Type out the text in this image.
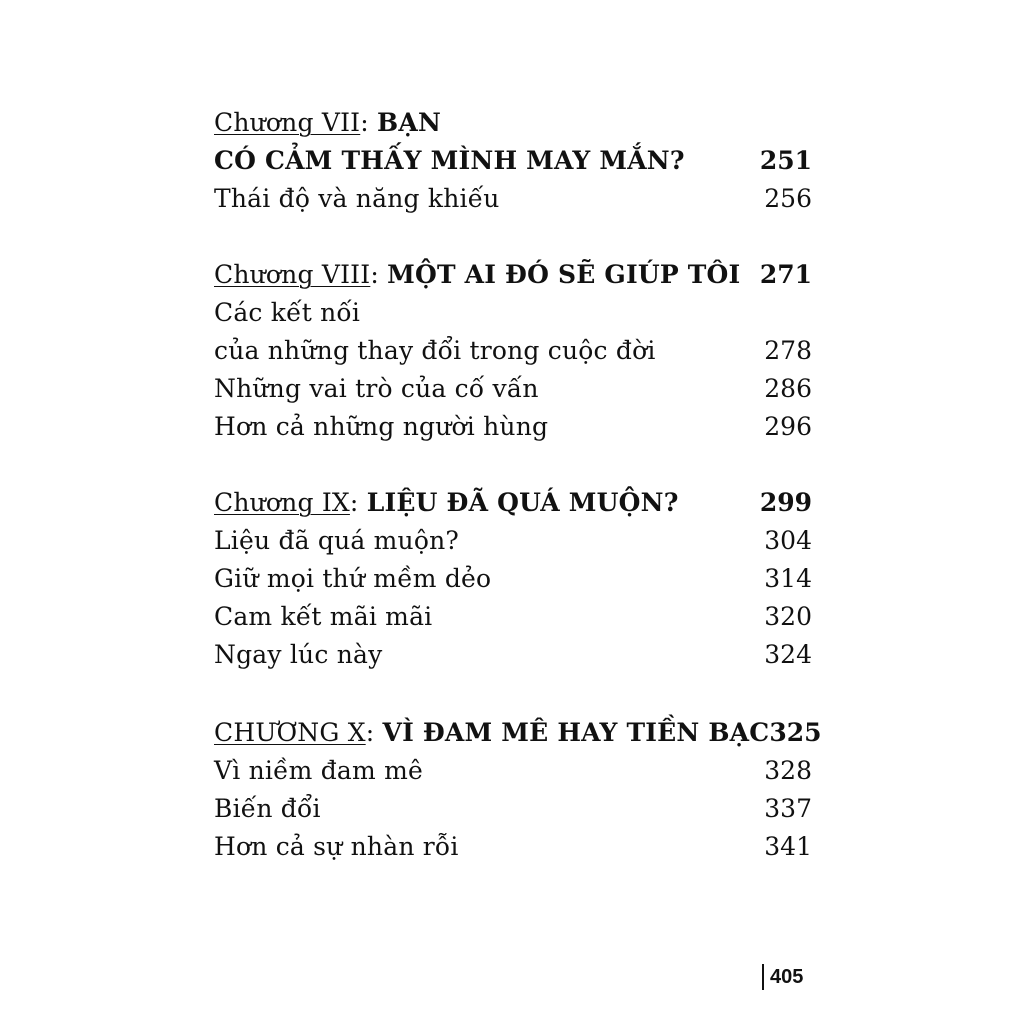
Chương VII: BẠN
CÓ CẢM THẤY MÌNH MAY MẮN?	251
Thái độ và năng khiếu	256
Chương VIII: MỘT AI ĐÓ SẼ GIÚP TÔI 271
Các kết nối
của những thay đổi trong cuộc đời	278
Những vai trò của cố vấn	286
Hơn cả những người hùng	296
Chương IX: LIỆU ĐÃ QUÁ MUỘN?	299
Liệu đã quá muộn?	304
Giữ mọi thứ mềm dẻo	314
Cam kết mãi mãi	320
Ngay lúc này	324
CHƯƠNG X: VÌ ĐAM MÊ HAY TIỀN BẠC 325
Vì niềm đam mê	328
Biến đổi	337
Hơn cả sự nhàn rỗi	341
405
